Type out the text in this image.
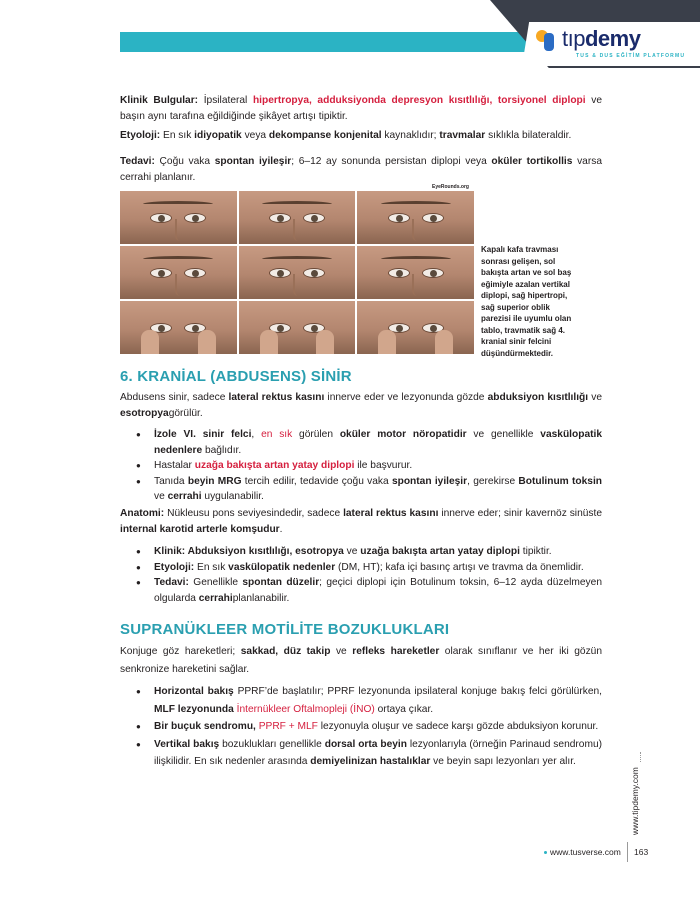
tıpdemy
TUS & DUS EĞİTİM PLATFORMU
Klinik Bulgular: İpsilateral hipertropya, adduksiyonda depresyon kısıtlılığı, torsiyonel diplopi ve başın aynı tarafına eğildiğinde şikâyet artışı tipiktir.
Etyoloji: En sık idiyopatik veya dekompanse konjenital kaynaklıdır; travmalar sıklıkla bilateraldir.
Tedavi: Çoğu vaka spontan iyileşir; 6–12 ay sonunda persistan diplopi veya oküler tortikollis varsa cerrahi planlanır.
EyeRounds.org
Kapalı kafa travması sonrası gelişen, sol bakışta artan ve sol baş eğimiyle azalan vertikal diplopi, sağ hipertropi, sağ superior oblik parezisi ile uyumlu olan tablo, travmatik sağ 4. kranial sinir felcini düşündürmektedir.
6. KRANİAL (ABDUSENS) SİNİR
Abdusens sinir, sadece lateral rektus kasını innerve eder ve lezyonunda gözde abduksiyon kısıtlılığı ve esotropyagörülür.
● İzole VI. sinir felci, en sık görülen oküler motor nöropatidir ve genellikle vaskülopatik nedenlere bağlıdır.
● Hastalar uzağa bakışta artan yatay diplopi ile başvurur.
● Tanıda beyin MRG tercih edilir, tedavide çoğu vaka spontan iyileşir, gerekirse Botulinum toksin ve cerrahi uygulanabilir.
Anatomi: Nükleusu pons seviyesindedir, sadece lateral rektus kasını innerve eder; sinir kavernöz sinüste internal karotid arterle komşudur.
● Klinik: Abduksiyon kısıtlılığı, esotropya ve uzağa bakışta artan yatay diplopi tipiktir.
● Etyoloji: En sık vaskülopatik nedenler (DM, HT); kafa içi basınç artışı ve travma da önemlidir.
● Tedavi: Genellikle spontan düzelir; geçici diplopi için Botulinum toksin, 6–12 ayda düzelmeyen olgularda cerrahiplanlanabilir.
SUPRANÜKLEER MOTİLİTE BOZUKLUKLARI
Konjuge göz hareketleri; sakkad, düz takip ve refleks hareketler olarak sınıflanır ve her iki gözün senkronize hareketini sağlar.
● Horizontal bakış PPRF’de başlatılır; PPRF lezyonunda ipsilateral konjuge bakış felci görülürken, MLF lezyonunda İnternükleer Oftalmopleji (İNO) ortaya çıkar.
● Bir buçuk sendromu, PPRF + MLF lezyonuyla oluşur ve sadece karşı gözde abduksiyon korunur.
● Vertikal bakış bozuklukları genellikle dorsal orta beyin lezyonlarıyla (örneğin Parinaud sendromu) ilişkilidir. En sık nedenler arasında demiyelinizan hastalıklar ve beyin sapı lezyonları yer alır.
www.tipdemy.com
www.tusverse.com 163
